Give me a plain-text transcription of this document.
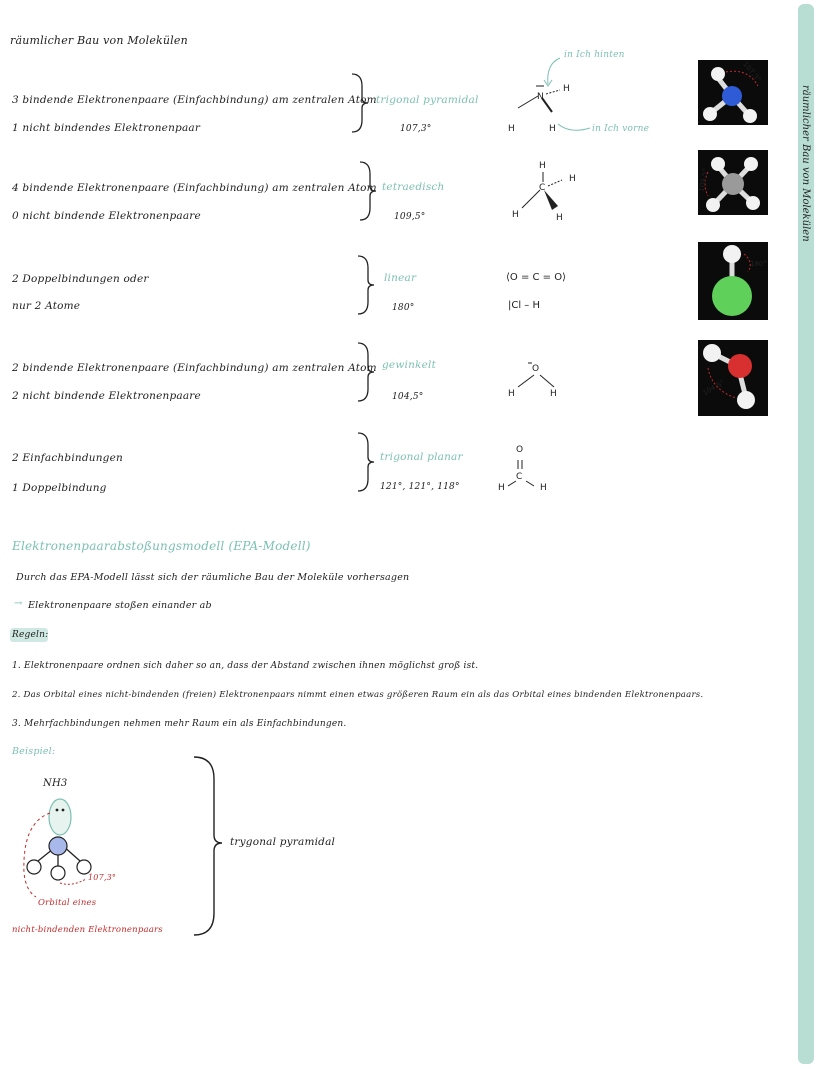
räumlicher Bau von Molekülen
räumlicher Bau von Molekülen
3 bindende Elektronenpaare (Einfachbindung) am zentralen Atom
1 nicht bindendes Elektronenpaar
trigonal pyramidal
107,3°
in Ich hinten
in Ich vorne
N
H
H	H
107,3°
4 bindende Elektronenpaare (Einfachbindung) am zentralen Atom
0 nicht bindende Elektronenpaare
tetraedisch
109,5°
H
C
H
H	H
109,5°
2 Doppelbindungen oder
nur 2 Atome
linear
180°
⟨O = C = O⟩
|Cl – H
180°
2 bindende Elektronenpaare (Einfachbindung) am zentralen Atom
2 nicht bindende Elektronenpaare
gewinkelt
104,5°
O
H	H	104,5°
2 Einfachbindungen
1 Doppelbindung
trigonal planar
121°, 121°, 118°
O
C
H	H
Elektronenpaarabstoßungsmodell (EPA-Modell)
Durch das EPA-Modell lässt sich der räumliche Bau der Moleküle vorhersagen
→ Elektronenpaare stoßen einander ab
Regeln:
1. Elektronenpaare ordnen sich daher so an, dass der Abstand zwischen ihnen möglichst groß ist.
2. Das Orbital eines nicht-bindenden (freien) Elektronenpaars nimmt einen etwas größeren Raum ein als das Orbital eines bindenden Elektronenpaars.
3. Mehrfachbindungen nehmen mehr Raum ein als Einfachbindungen.
Beispiel:
NH3
107,3°
Orbital eines
nicht-bindenden Elektronenpaars
trygonal pyramidal
